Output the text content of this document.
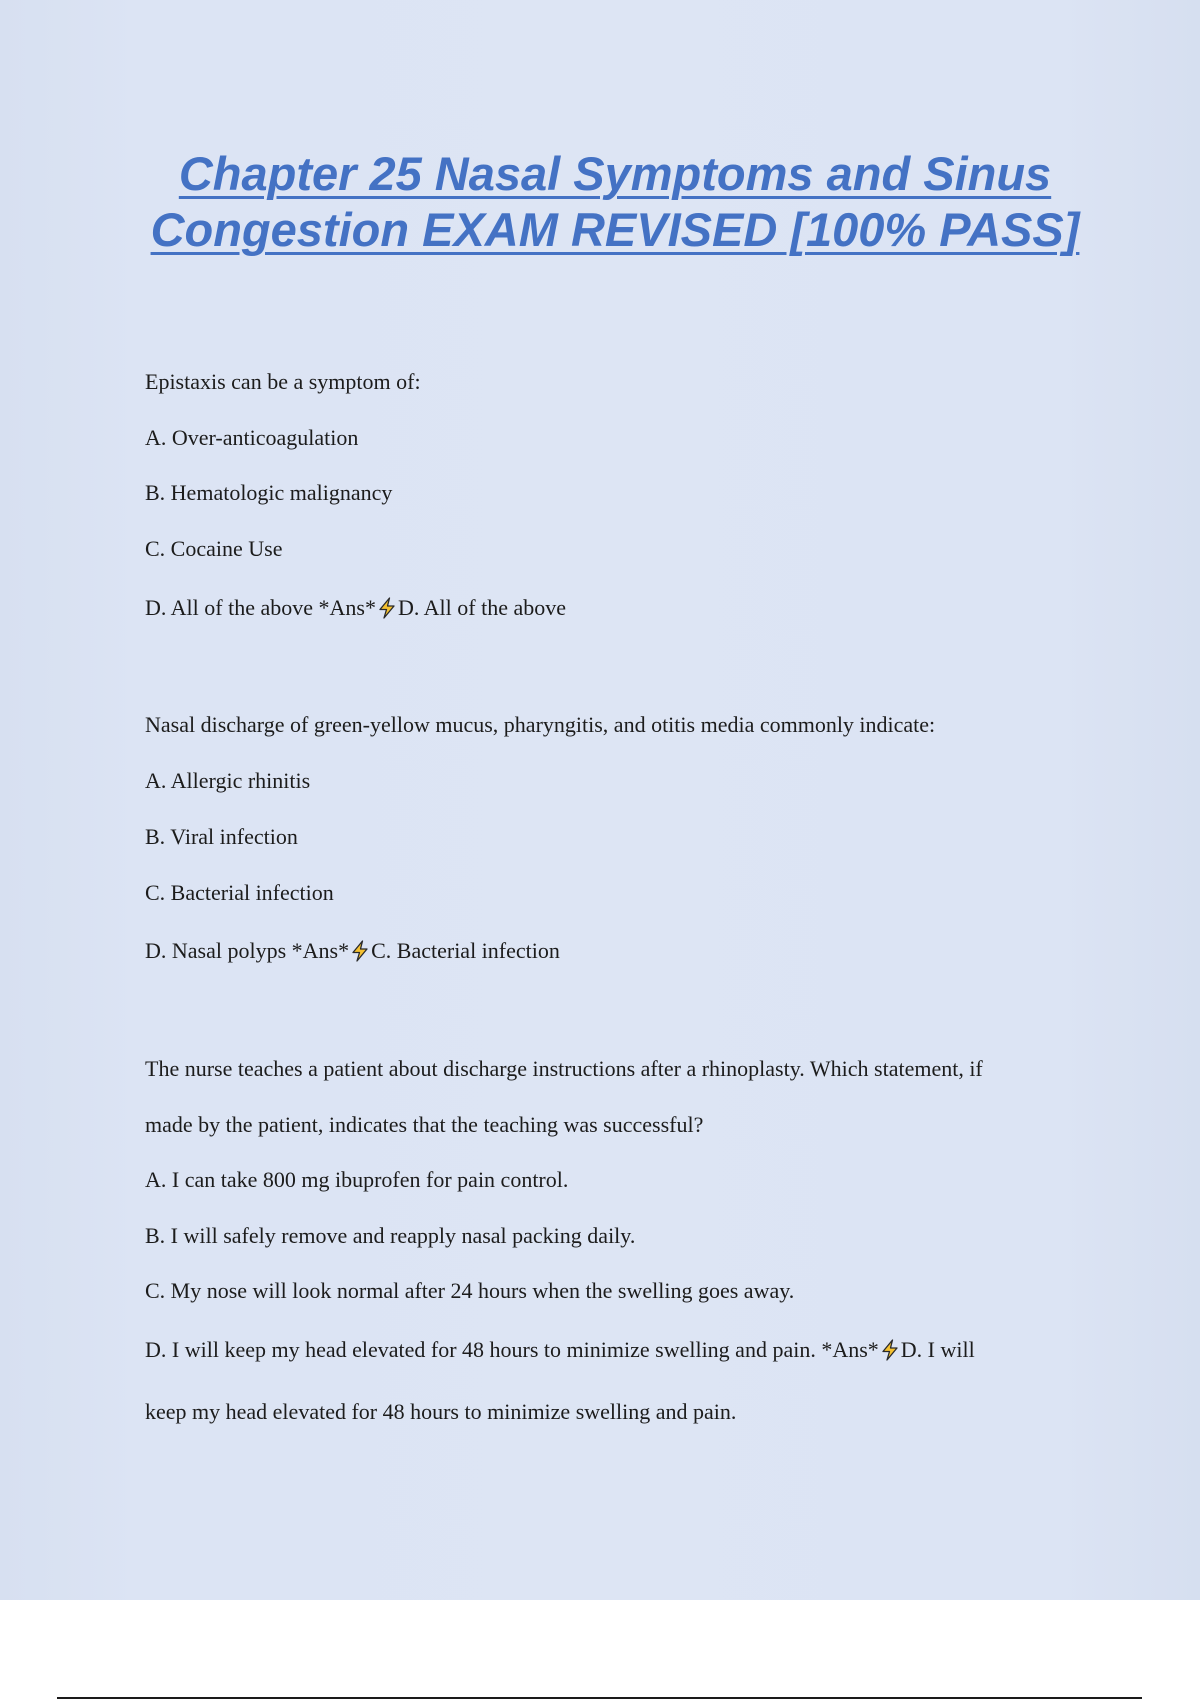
Chapter 25 Nasal Symptoms and Sinus Congestion EXAM REVISED [100% PASS]

Epistaxis can be a symptom of:

A. Over-anticoagulation

B. Hematologic malignancy

C. Cocaine Use

D. All of the above *Ans* D. All of the above

Nasal discharge of green-yellow mucus, pharyngitis, and otitis media commonly indicate:

A. Allergic rhinitis

B. Viral infection

C. Bacterial infection

D. Nasal polyps *Ans* C. Bacterial infection

The nurse teaches a patient about discharge instructions after a rhinoplasty. Which statement, if

made by the patient, indicates that the teaching was successful?

A. I can take 800 mg ibuprofen for pain control.

B. I will safely remove and reapply nasal packing daily.

C. My nose will look normal after 24 hours when the swelling goes away.

D. I will keep my head elevated for 48 hours to minimize swelling and pain. *Ans* D. I will

keep my head elevated for 48 hours to minimize swelling and pain.
